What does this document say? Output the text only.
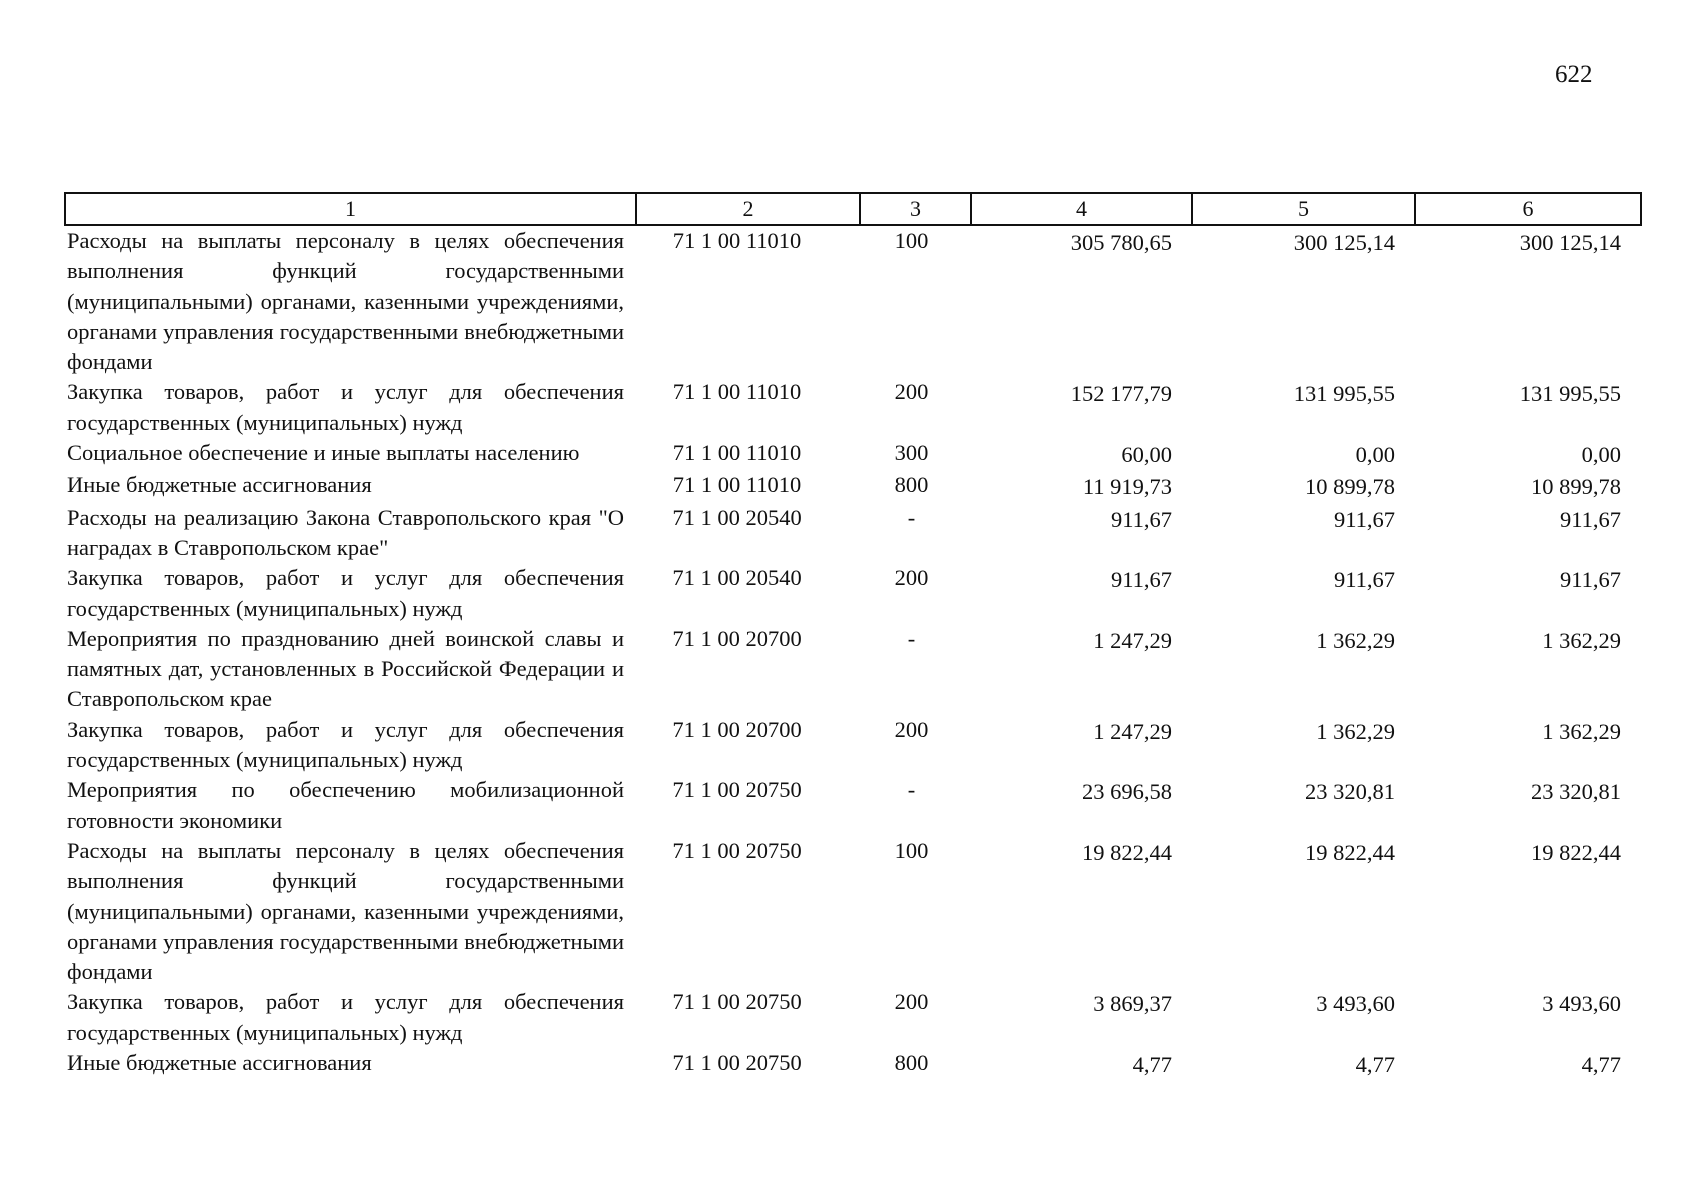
622
1	2	3	4	5	6
Расходы на выплаты персоналу в целях обеспечения выполнения функций государственными (муниципальными) органами, казенными учреждениями, органами управления государственными внебюджетными фондами	71 1 00 11010	100	305 780,65	300 125,14	300 125,14
Закупка товаров, работ и услуг для обеспечения государственных (муниципальных) нужд	71 1 00 11010	200	152 177,79	131 995,55	131 995,55
Социальное обеспечение и иные выплаты населению	71 1 00 11010	300	60,00	0,00	0,00
Иные бюджетные ассигнования	71 1 00 11010	800	11 919,73	10 899,78	10 899,78
Расходы на реализацию Закона Ставропольского края "О наградах в Ставропольском крае"	71 1 00 20540	-	911,67	911,67	911,67
Закупка товаров, работ и услуг для обеспечения государственных (муниципальных) нужд	71 1 00 20540	200	911,67	911,67	911,67
Мероприятия по празднованию дней воинской славы и памятных дат, установленных в Российской Федерации и Ставропольском крае	71 1 00 20700	-	1 247,29	1 362,29	1 362,29
Закупка товаров, работ и услуг для обеспечения государственных (муниципальных) нужд	71 1 00 20700	200	1 247,29	1 362,29	1 362,29
Мероприятия по обеспечению мобилизационной готовности экономики	71 1 00 20750	-	23 696,58	23 320,81	23 320,81
Расходы на выплаты персоналу в целях обеспечения выполнения функций государственными (муниципальными) органами, казенными учреждениями, органами управления государственными внебюджетными фондами	71 1 00 20750	100	19 822,44	19 822,44	19 822,44
Закупка товаров, работ и услуг для обеспечения государственных (муниципальных) нужд	71 1 00 20750	200	3 869,37	3 493,60	3 493,60
Иные бюджетные ассигнования	71 1 00 20750	800	4,77	4,77	4,77
